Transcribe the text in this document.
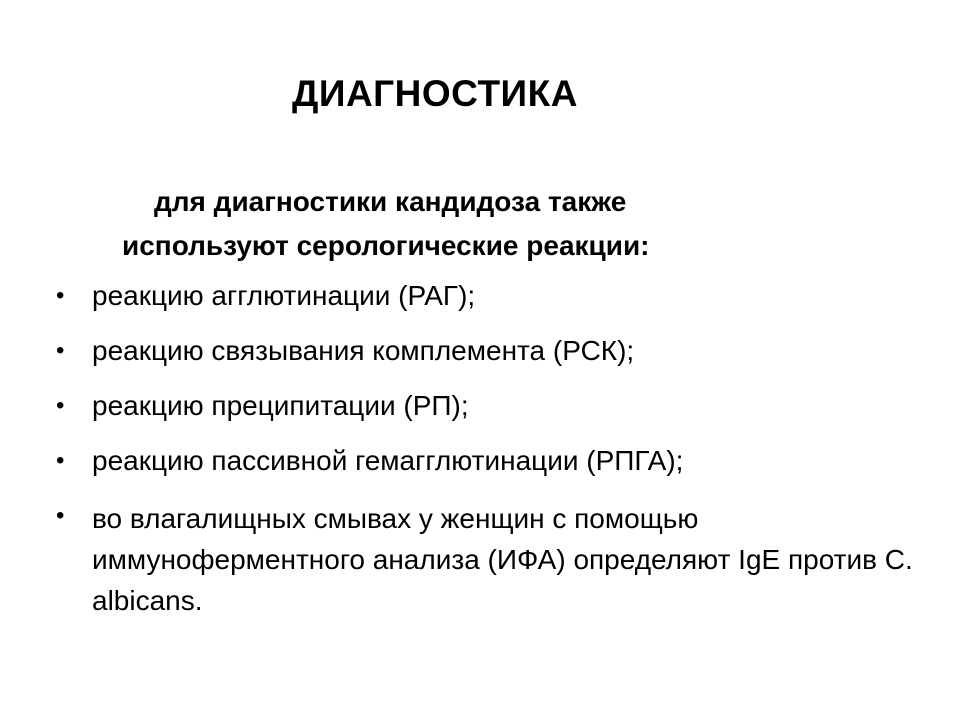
ДИАГНОСТИКА
для диагностики кандидоза также
используют серологические реакции:
• реакцию агглютинации (РАГ);
• реакцию связывания комплемента (РСК);
• реакцию преципитации (РП);
• реакцию пассивной гемагглютинации (РПГА);
• во влагалищных смывах у женщин с помощью иммуноферментного анализа (ИФА) определяют IgE против C. albicans.
